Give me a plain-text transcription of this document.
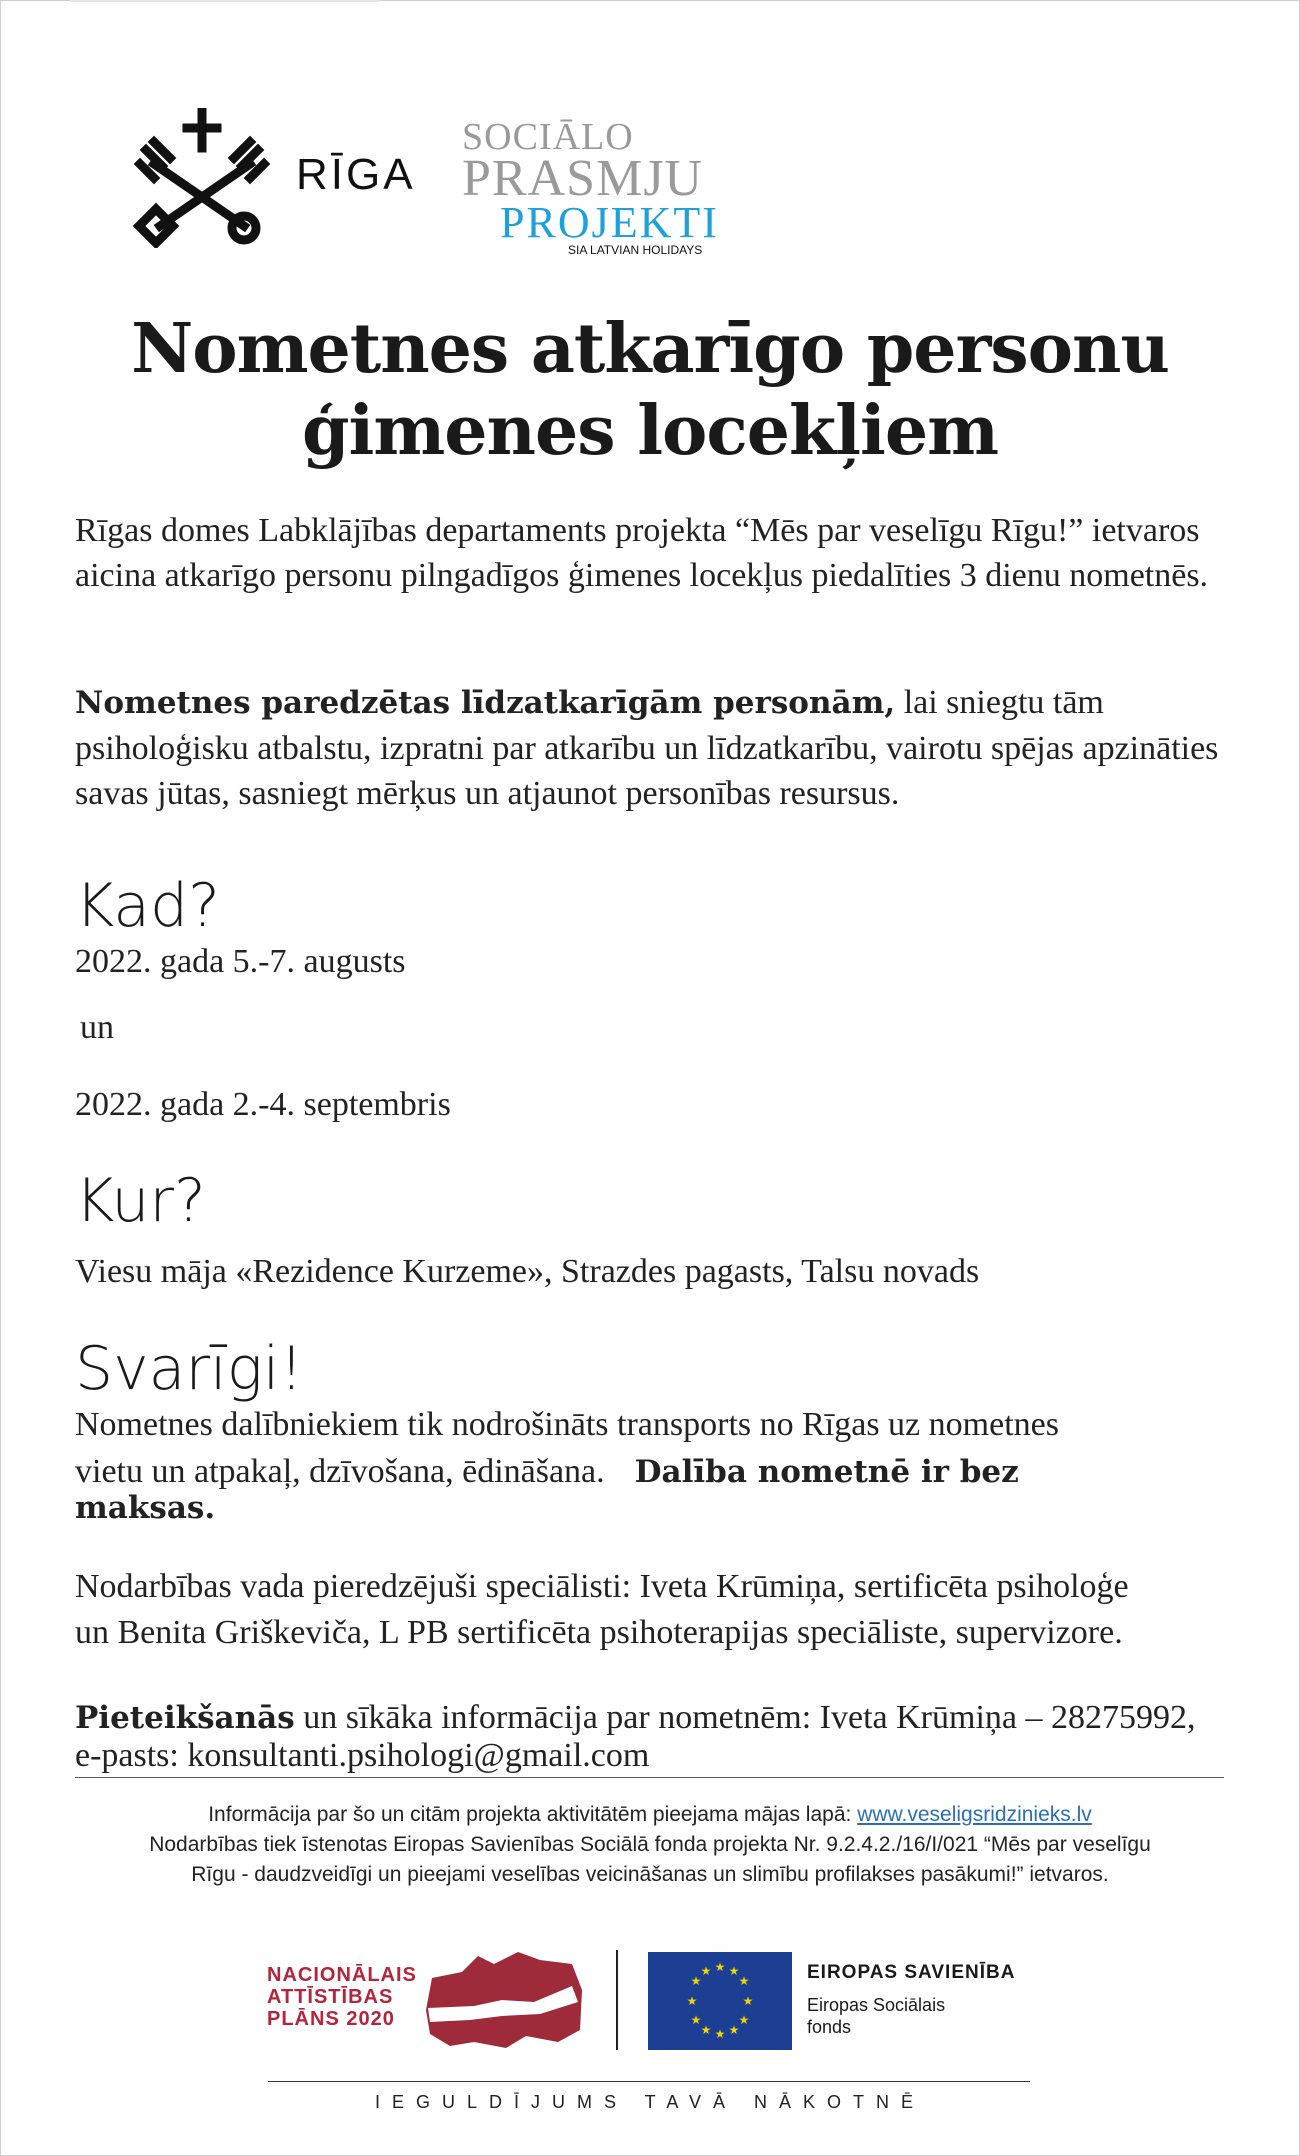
RĪGA
SOCIĀLO
PRASMJU
PROJEKTI
SIA LATVIAN HOLIDAYS
Nometnes atkarīgo personu
ģimenes locekļiem
Rīgas domes Labklājības departaments projekta “Mēs par veselīgu Rīgu!” ietvaros aicina atkarīgo personu pilngadīgos ģimenes locekļus piedalīties 3 dienu nometnēs.
Nometnes paredzētas līdzatkarīgām personām, lai sniegtu tām psiholoģisku atbalstu, izpratni par atkarību un līdzatkarību, vairotu spējas apzināties savas jūtas, sasniegt mērķus un atjaunot personības resursus.
Kad?
2022. gada 5.-7. augusts
un
2022. gada 2.-4. septembris
Kur?
Viesu māja «Rezidence Kurzeme», Strazdes pagasts, Talsu novads
Svarīgi!
Nometnes dalībniekiem tik nodrošināts transports no Rīgas uz nometnes
vietu un atpakaļ, dzīvošana, ēdināšana. Dalība nometnē ir bez
maksas.
Nodarbības vada pieredzējuši speciālisti: Iveta Krūmiņa, sertificēta psiholoģe
un Benita Griškeviča, L PB sertificēta psihoterapijas speciāliste, supervizore.
Pieteikšanās un sīkāka informācija par nometnēm: Iveta Krūmiņa – 28275992,
e-pasts: konsultanti.psihologi@gmail.com
Informācija par šo un citām projekta aktivitātēm pieejama mājas lapā: www.veseligsridzinieks.lv
Nodarbības tiek īstenotas Eiropas Savienības Sociālā fonda projekta Nr. 9.2.4.2./16/I/021 “Mēs par veselīgu
Rīgu - daudzveidīgi un pieejami veselības veicināšanas un slimību profilakses pasākumi!” ietvaros.
NACIONĀLAIS
ATTĪSTĪBAS
PLĀNS 2020
★ ★
★
★
★
★
★
★
★
★
★
★	EIROPAS SAVIENĪBA
Eiropas Sociālais fonds
IEGULDĪJUMS TAVĀ NĀKOTNĒ
